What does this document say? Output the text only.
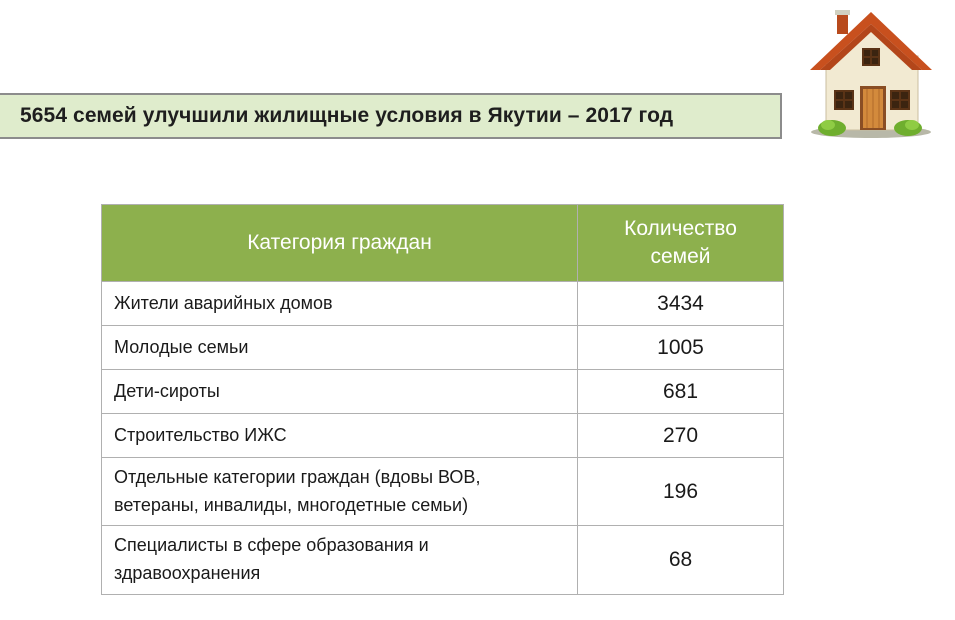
5654 семей улучшили жилищные условия в Якутии – 2017 год
Категория граждан	Количество семей
Жители аварийных домов	3434
Молодые семьи	1005
Дети-сироты	681
Строительство ИЖС	270
Отдельные категории граждан (вдовы ВОВ, ветераны, инвалиды, многодетные семьи)	196
Специалисты в сфере образования и здравоохранения	68
